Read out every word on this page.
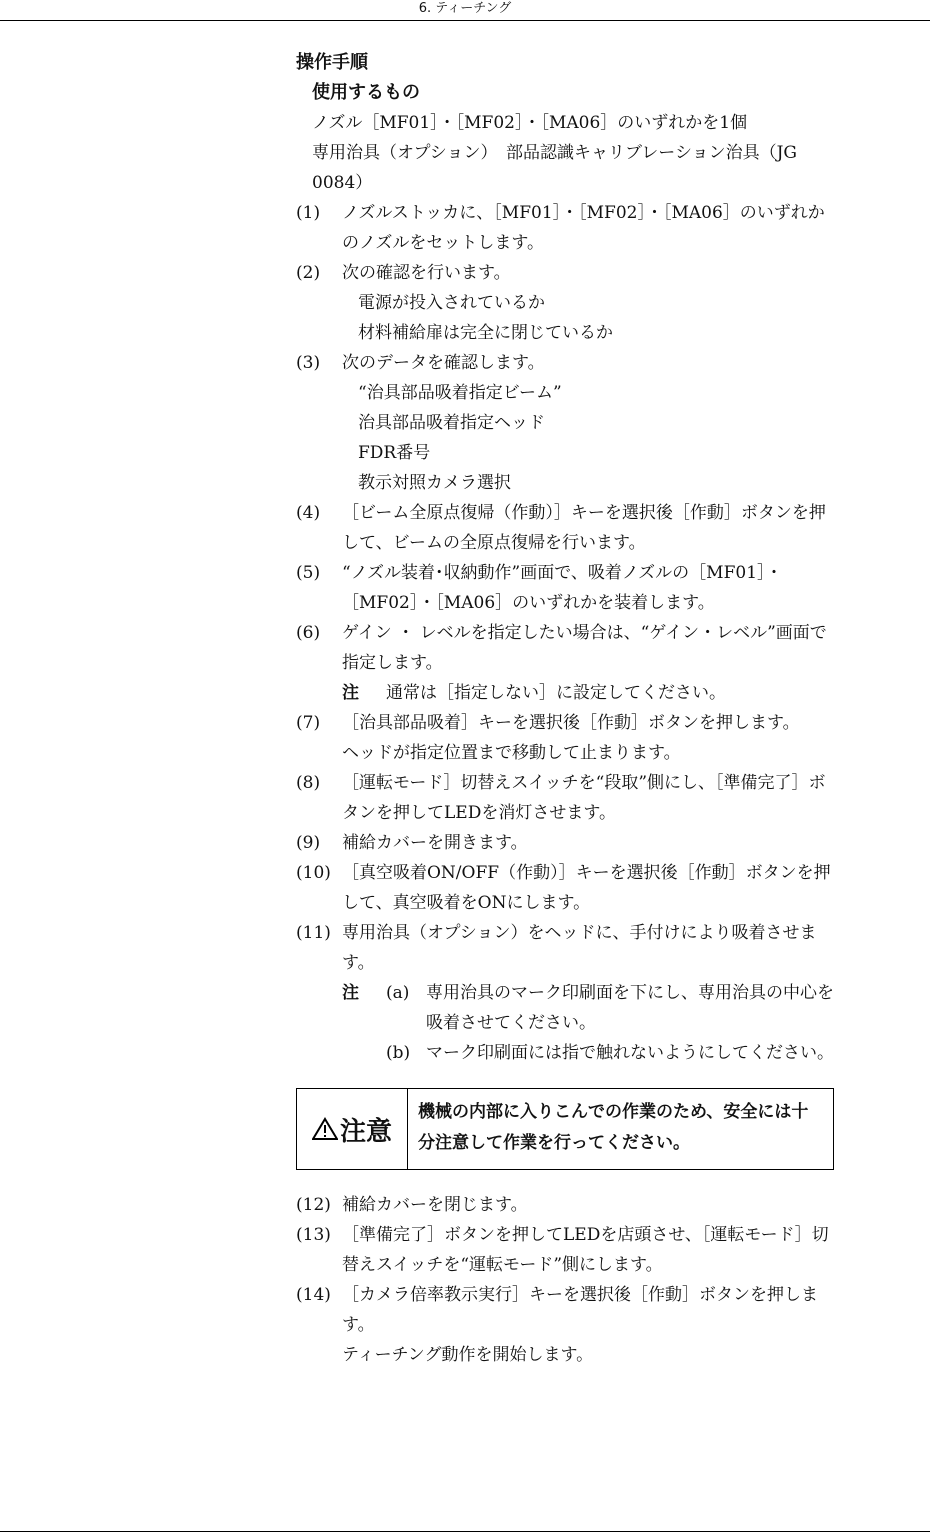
6. ティーチング
操作手順
使用するもの
ノズル［MF01］・［MF02］・［MA06］のいずれかを1個
専用治具（オプション）　部品認識キャリブレーション治具（JG 0084）
(1)	ノズルストッカに、［MF01］・［MF02］・［MA06］のいずれかのノズルをセットします。
(2)	次の確認を行います。
電源が投入されているか
材料補給扉は完全に閉じているか
(3)	次のデータを確認します。
“治具部品吸着指定ビーム”
治具部品吸着指定ヘッド
FDR番号
教示対照カメラ選択
(4)	［ビーム全原点復帰（作動）］キーを選択後［作動］ボタンを押して、ビームの全原点復帰を行います。
(5)	“ノズル装着･収納動作”画面で、吸着ノズルの［MF01］・［MF02］・［MA06］のいずれかを装着します。
(6)	ゲイン ・ レベルを指定したい場合は、“ゲイン・レベル”画面で指定します。
注	通常は［指定しない］に設定してください。
(7)	［治具部品吸着］キーを選択後［作動］ボタンを押します。
ヘッドが指定位置まで移動して止まります。
(8)	［運転モード］切替えスイッチを“段取”側にし、［準備完了］ボタンを押してLEDを消灯させます。
(9)	補給カバーを開きます。
(10) ［真空吸着ON/OFF（作動）］キーを選択後［作動］ボタンを押して、真空吸着をONにします。
(11) 専用治具（オプション）をヘッドに、手付けにより吸着させます。
注	(a) 専用治具のマーク印刷面を下にし、専用治具の中心を吸着させてください。
(b) マーク印刷面には指で触れないようにしてください。
注意
機械の内部に入りこんでの作業のため、安全には十分注意して作業を行ってください。
(12) 補給カバーを閉じます。
(13) ［準備完了］ボタンを押してLEDを店頭させ、［運転モード］切替えスイッチを“運転モード”側にします。
(14) ［カメラ倍率教示実行］キーを選択後［作動］ボタンを押します。
ティーチング動作を開始します。
